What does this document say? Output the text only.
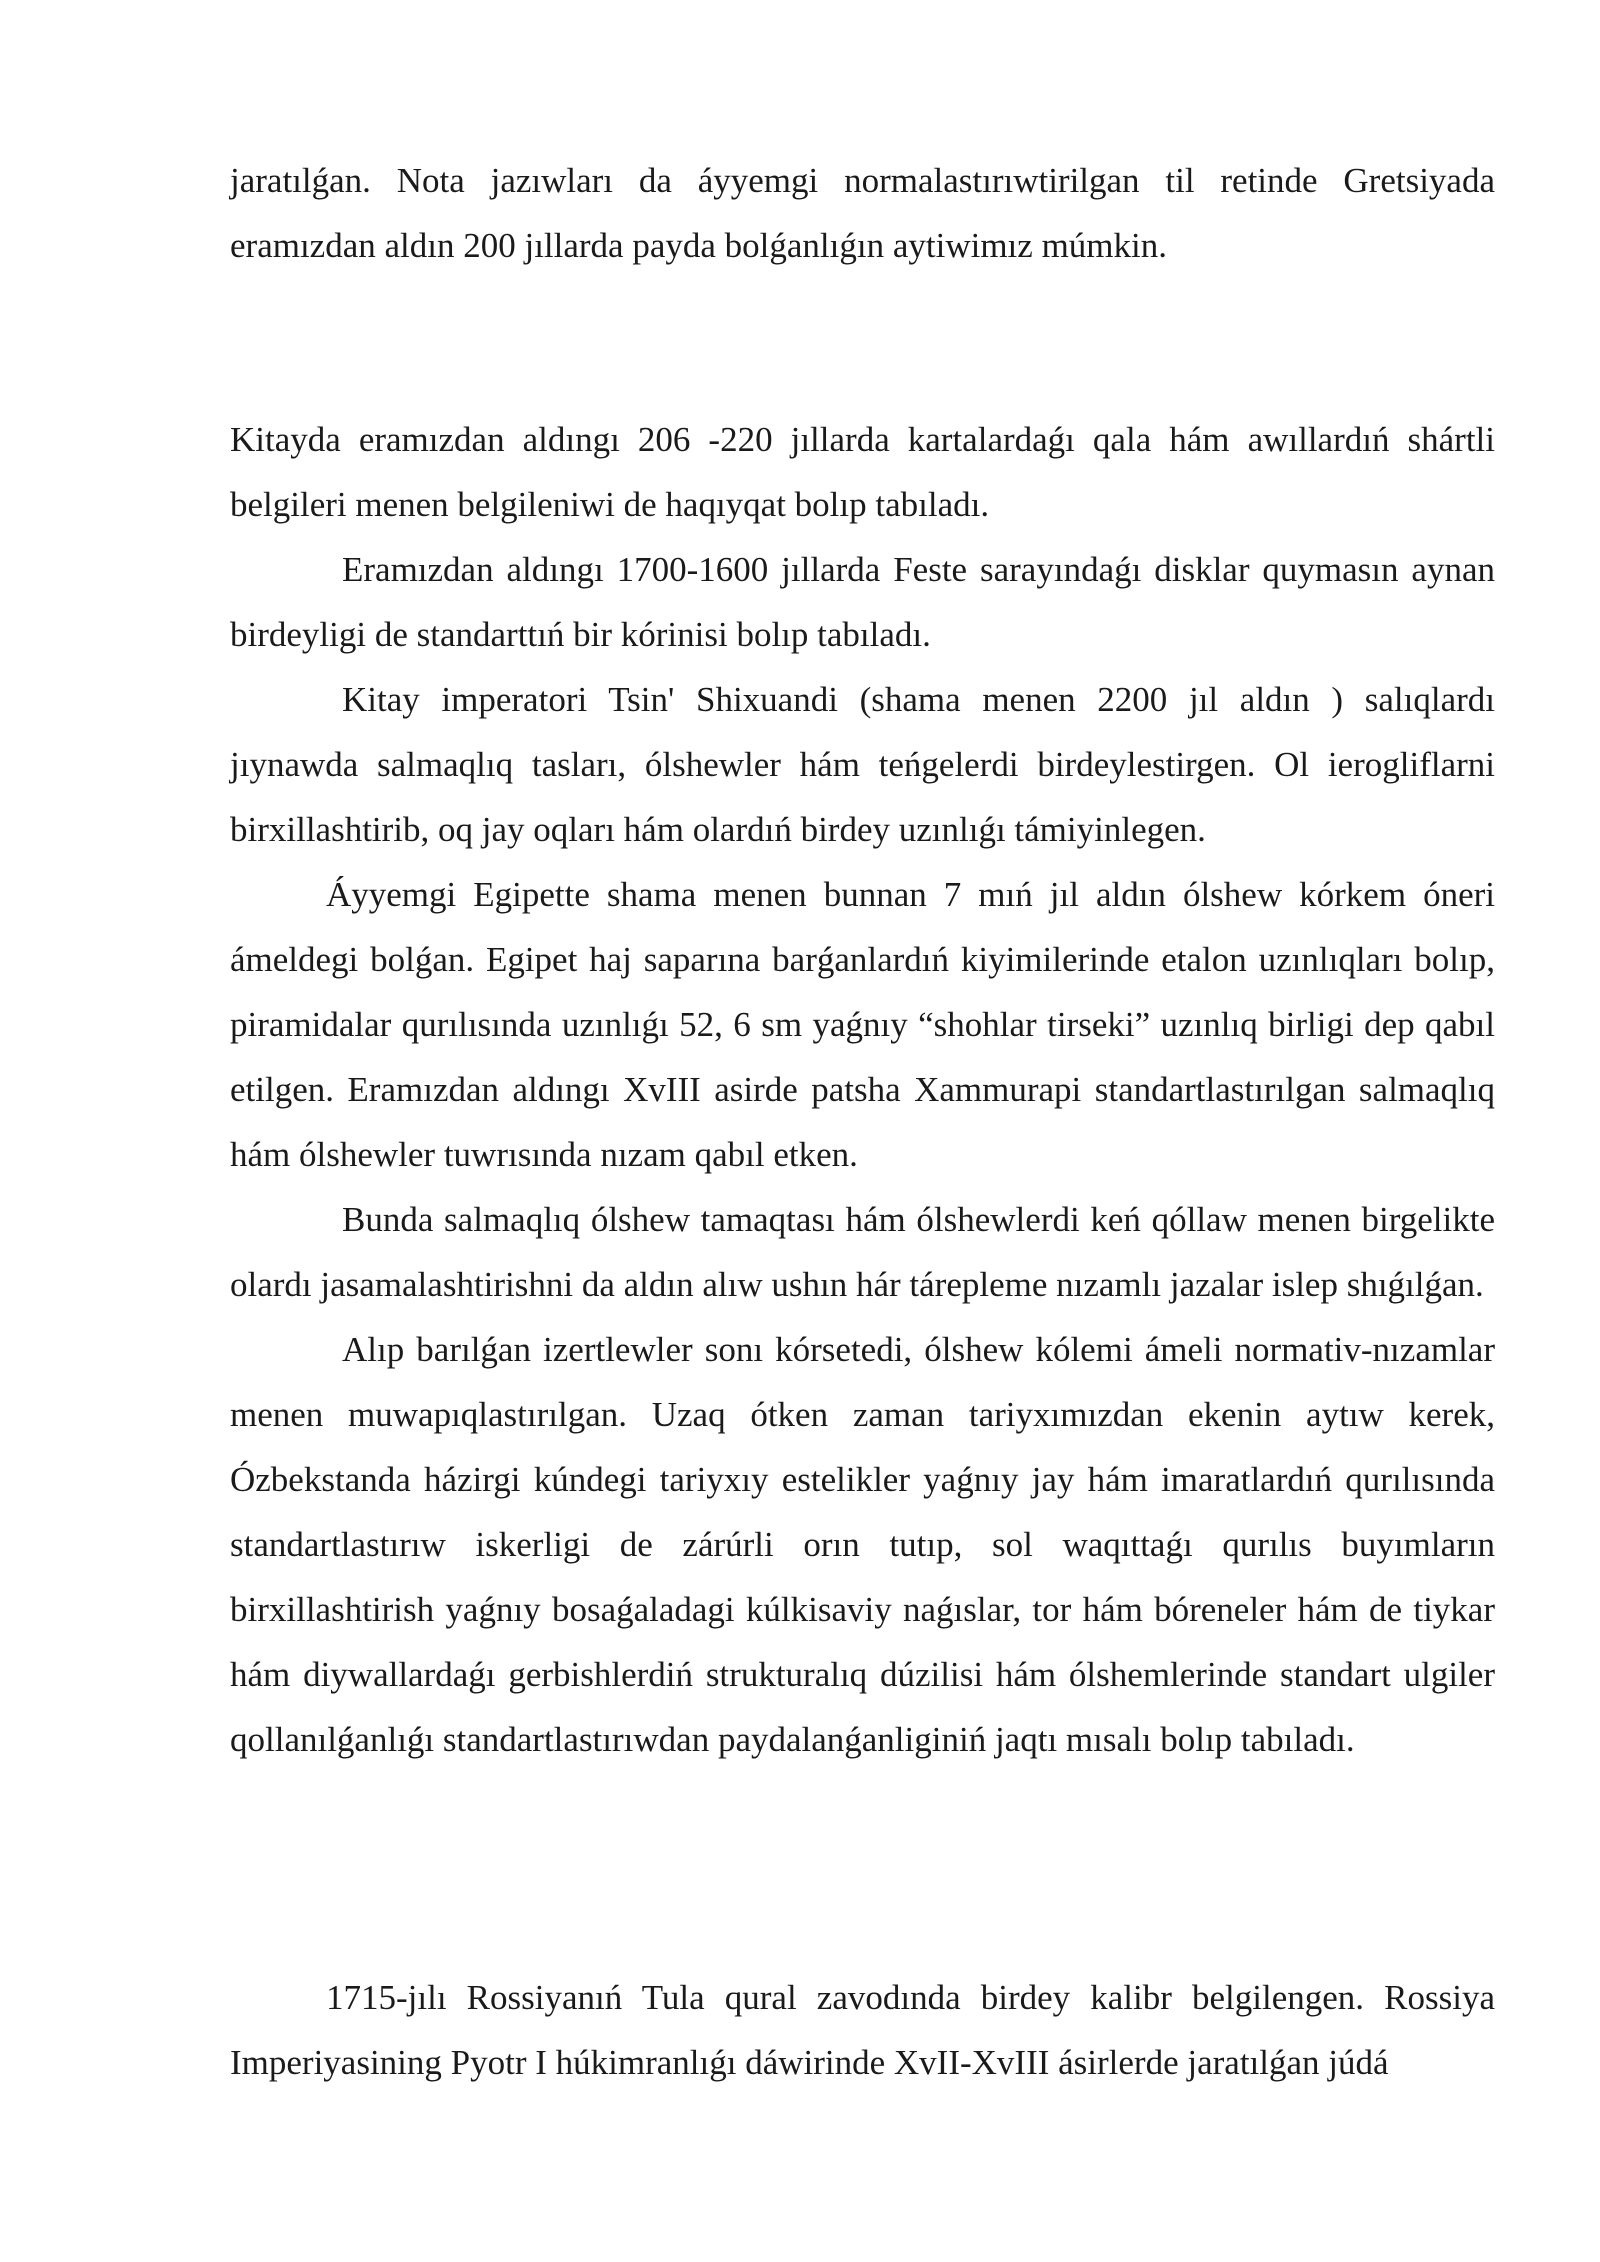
jaratılǵan. Nota jazıwları da áyyemgi normalastırıwtirilgan til retinde Gretsiyada eramızdan aldın 200 jıllarda payda bolǵanlıǵın aytiwimız múmkin.

Kitayda eramızdan aldıngı 206 -220 jıllarda kartalardaǵı qala hám awıllardıń shártli belgileri menen belgileniwi de haqıyqat bolıp tabıladı.

Eramızdan aldıngı 1700-1600 jıllarda Feste sarayındaǵı disklar quymasın aynan birdeyligi de standarttıń bir kórinisi bolıp tabıladı.

Kitay imperatori Tsin' Shixuandi (shama menen 2200 jıl aldın ) salıqlardı jıynawda salmaqlıq tasları, ólshewler hám teńgelerdi birdeylestirgen. Ol ierogliflarni birxillashtirib, oq jay oqları hám olardıń birdey uzınlıǵı támiyinlegen.

Áyyemgi Egipette shama menen bunnan 7 mıń jıl aldın ólshew kórkem óneri ámeldegi bolǵan. Egipet haj saparına barǵanlardıń kiyimilerinde etalon uzınlıqları bolıp, piramidalar qurılısında uzınlıǵı 52, 6 sm yaǵnıy “shohlar tirseki” uzınlıq birligi dep qabıl etilgen. Eramızdan aldıngı XvIII asirde patsha Xammurapi standartlastırılgan salmaqlıq hám ólshewler tuwrısında nızam qabıl etken.

Bunda salmaqlıq ólshew tamaqtası hám ólshewlerdi keń qóllaw menen birgelikte olardı jasamalashtirishni da aldın alıw ushın hár tárepleme nızamlı jazalar islep shıǵılǵan.

Alıp barılǵan izertlewler sonı kórsetedi, ólshew kólemi ámeli normativ-nızamlar menen muwapıqlastırılgan. Uzaq ótken zaman tariyxımızdan ekenin aytıw kerek, Ózbekstanda házirgi kúndegi tariyxıy estelikler yaǵnıy jay hám imaratlardıń qurılısında standartlastırıw iskerligi de zárúrli orın tutıp, sol waqıttaǵı qurılıs buyımların birxillashtirish yaǵnıy bosaǵaladagi kúlkisaviy naǵıslar, tor hám bóreneler hám de tiykar hám diywallardaǵı gerbishlerdiń strukturalıq dúzilisi hám ólshemlerinde standart ulgiler qollanılǵanlıǵı standartlastırıwdan paydalanǵanliginiń jaqtı mısalı bolıp tabıladı.

1715-jılı Rossiyanıń Tula qural zavodında birdey kalibr belgilengen. Rossiya Imperiyasining Pyotr I húkimranlıǵı dáwirinde XvII-XvIII ásirlerde jaratılǵan júdá
